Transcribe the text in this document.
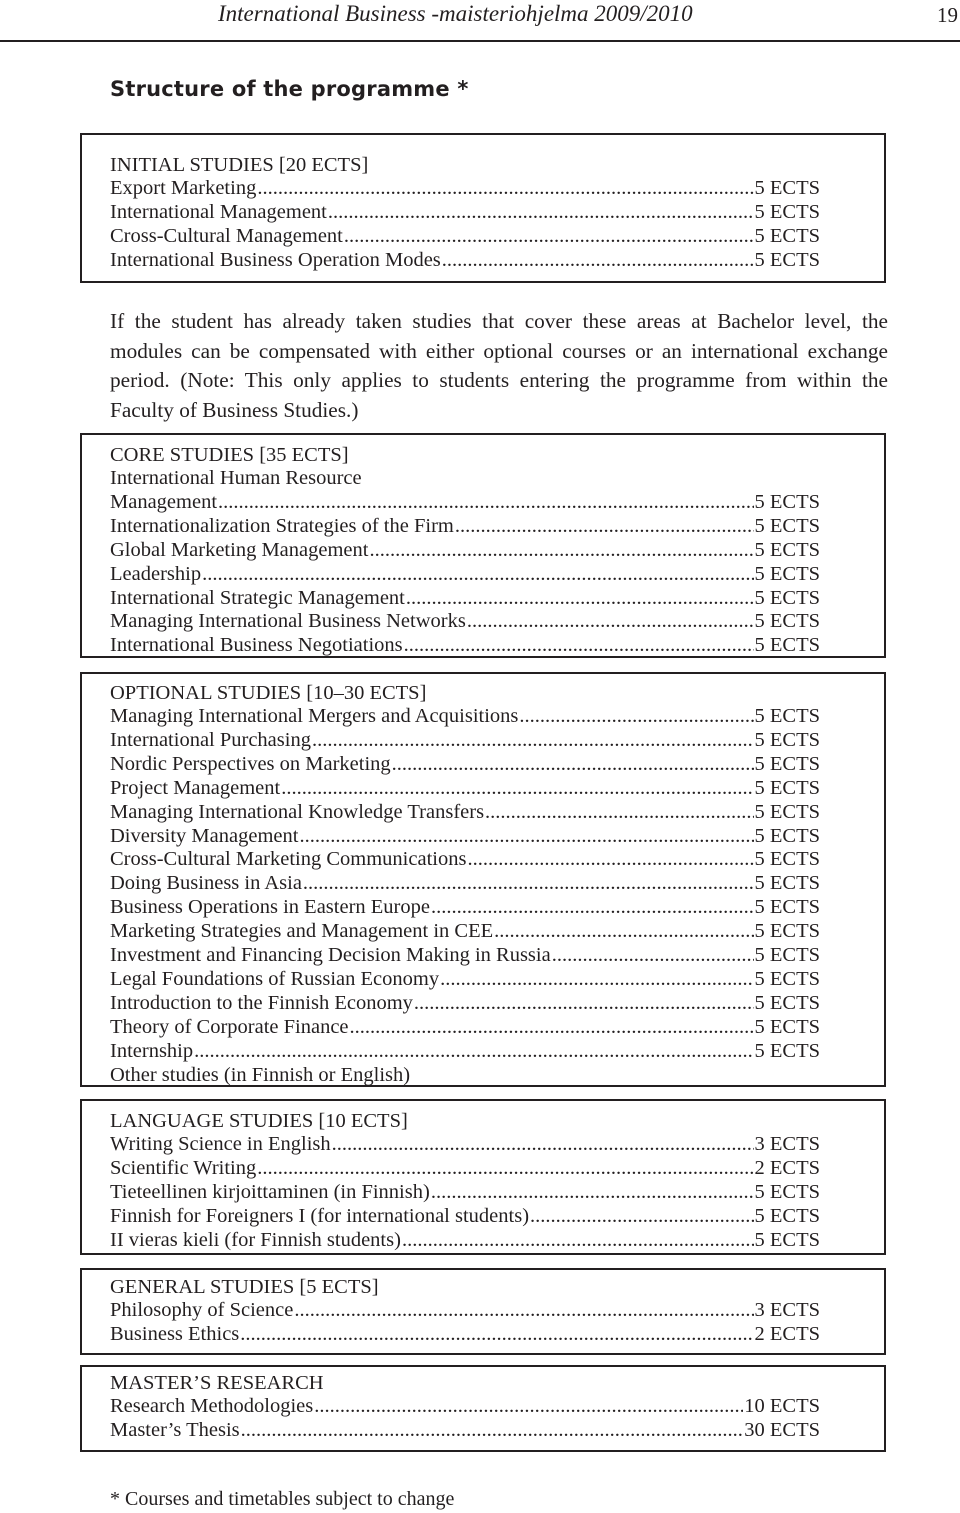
International Business -maisteriohjelma 2009/2010	19
Structure of the programme *
INITIAL STUDIES [20 ECTS]
Export Marketing .....	5 ECTS
International Management .....	5 ECTS
Cross-Cultural Management .....	5 ECTS
International Business Operation Modes .....	5 ECTS
If the student has already taken studies that cover these areas at Bachelor level, the modules can be compensated with either optional courses or an international exchange period. (Note: This only applies to students entering the programme from within the Faculty of Business Studies.)
CORE STUDIES [35 ECTS]
International Human Resource
Management .....	5 ECTS
Internationalization Strategies of the Firm .....	5 ECTS
Global Marketing Management .....	5 ECTS
Leadership .....	5 ECTS
International Strategic Management .....	5 ECTS
Managing International Business Networks .....	5 ECTS
International Business Negotiations .....	5 ECTS
OPTIONAL STUDIES [10–30 ECTS]
Managing International Mergers and Acquisitions .....	5 ECTS
International Purchasing .....	5 ECTS
Nordic Perspectives on Marketing .....	5 ECTS
Project Management .....	5 ECTS
Managing International Knowledge Transfers .....	5 ECTS
Diversity Management .....	5 ECTS
Cross-Cultural Marketing Communications .....	5 ECTS
Doing Business in Asia .....	5 ECTS
Business Operations in Eastern Europe .....	5 ECTS
Marketing Strategies and Management in CEE .....	5 ECTS
Investment and Financing Decision Making in Russia .....	5 ECTS
Legal Foundations of Russian Economy .....	5 ECTS
Introduction to the Finnish Economy .....	5 ECTS
Theory of Corporate Finance .....	5 ECTS
Internship .....	5 ECTS
Other studies (in Finnish or English)
LANGUAGE STUDIES [10 ECTS]
Writing Science in English .....	3 ECTS
Scientific Writing .....	2 ECTS
Tieteellinen kirjoittaminen (in Finnish) .....	5 ECTS
Finnish for Foreigners I (for international students) .....	5 ECTS
II vieras kieli (for Finnish students) .....	5 ECTS
GENERAL STUDIES [5 ECTS]
Philosophy of Science .....	3 ECTS
Business Ethics .....	2 ECTS
MASTER’S RESEARCH
Research Methodologies .....	10 ECTS
Master’s Thesis .....	30 ECTS
* Courses and timetables subject to change
